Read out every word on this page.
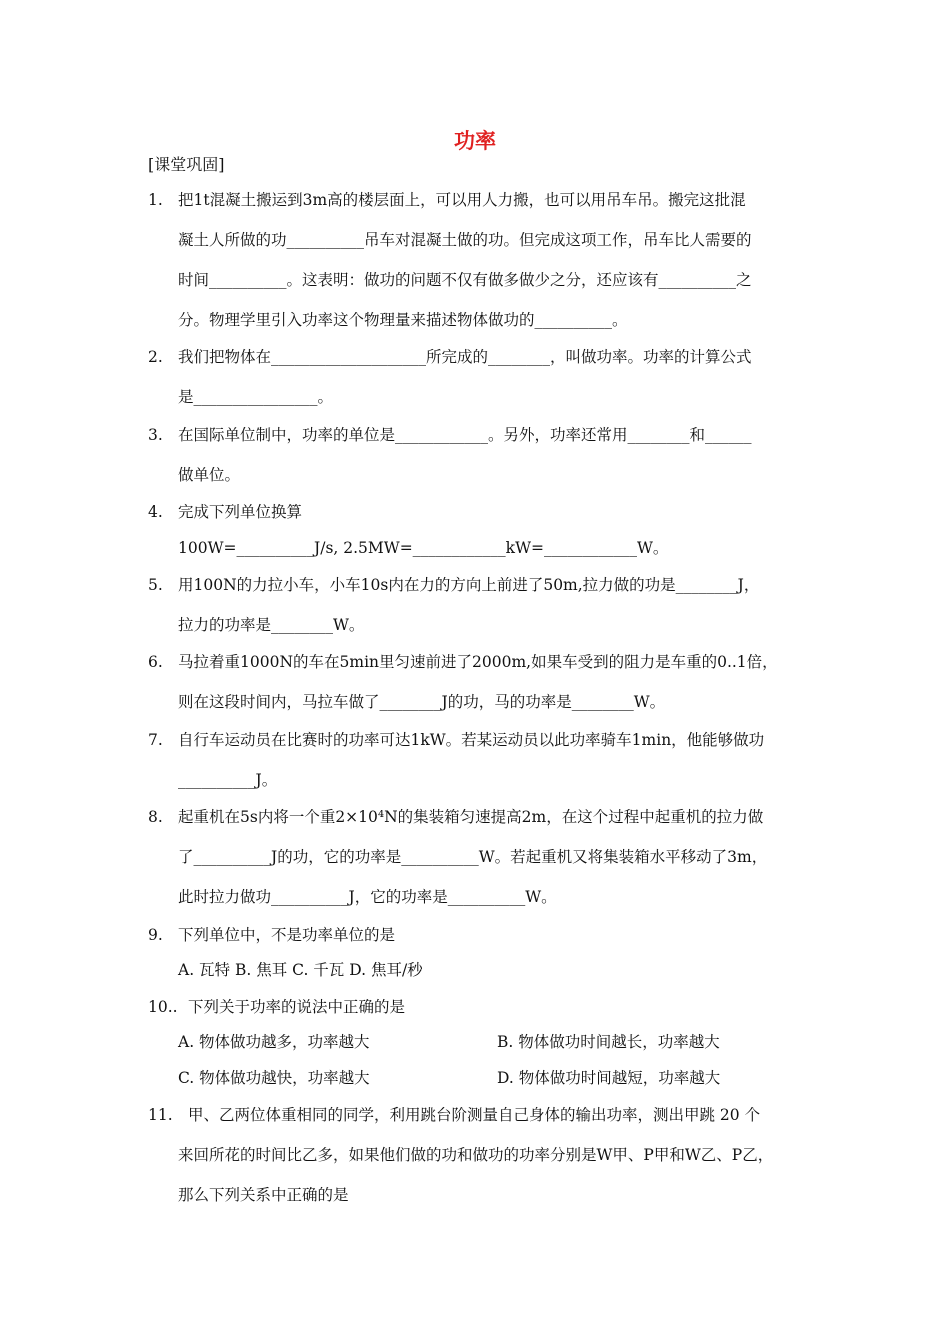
功率
[课堂巩固]
1. 把1t混凝土搬运到3m高的楼层面上，可以用人力搬，也可以用吊车吊。搬完这批混
凝土人所做的功__________吊车对混凝土做的功。但完成这项工作，吊车比人需要的
时间__________。这表明：做功的问题不仅有做多做少之分，还应该有__________之
分。物理学里引入功率这个物理量来描述物体做功的__________。
2. 我们把物体在____________________所完成的________，叫做功率。功率的计算公式
是________________。
3. 在国际单位制中，功率的单位是____________。另外，功率还常用________和______
做单位。
4. 完成下列单位换算
100W=__________J/s, 2.5MW=____________kW=____________W。
5. 用100N的力拉小车，小车10s内在力的方向上前进了50m,拉力做的功是________J，
拉力的功率是________W。
6. 马拉着重1000N的车在5min里匀速前进了2000m,如果车受到的阻力是车重的0..1倍，
则在这段时间内，马拉车做了________J的功，马的功率是________W。
7. 自行车运动员在比赛时的功率可达1kW。若某运动员以此功率骑车1min，他能够做功
__________J。
8. 起重机在5s内将一个重2×10⁴N的集装箱匀速提高2m，在这个过程中起重机的拉力做
了__________J的功，它的功率是__________W。若起重机又将集装箱水平移动了3m，
此时拉力做功__________J，它的功率是__________W。
9. 下列单位中，不是功率单位的是
A. 瓦特 B. 焦耳 C. 千瓦 D. 焦耳/秒
10.. 下列关于功率的说法中正确的是
A. 物体做功越多，功率越大	B. 物体做功时间越长，功率越大
C. 物体做功越快，功率越大	D. 物体做功时间越短，功率越大
11. 甲、乙两位体重相同的同学，利用跳台阶测量自己身体的输出功率，测出甲跳 20 个
来回所花的时间比乙多，如果他们做的功和做功的功率分别是W甲、P甲和W乙、P乙，
那么下列关系中正确的是
